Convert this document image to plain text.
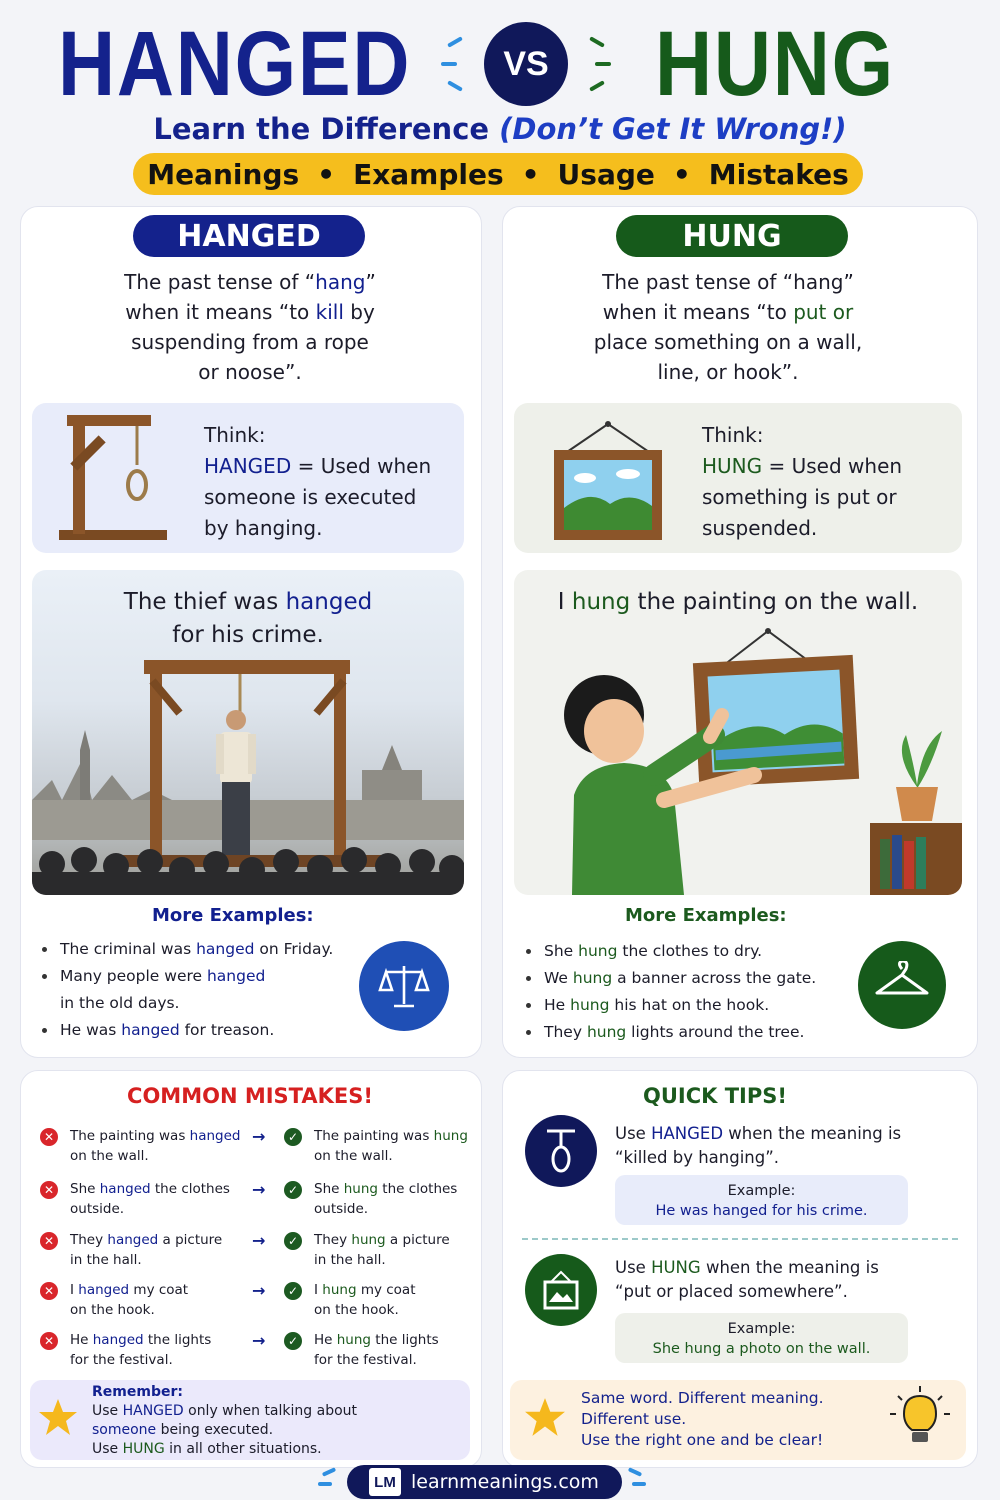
HANGED	VS HUNG
Learn the Difference (Don’t Get It Wrong!)
Meanings • Examples • Usage • Mistakes
HANGED
The past tense of “hang”
when it means “to kill by
suspending from a rope
or noose”.
Think:
HANGED = Used when
someone is executed
by hanging.
The thief was hanged
for his crime.
More Examples:
The criminal was hanged on Friday.
Many people were hanged
in the old days.
He was hanged for treason.
HUNG
The past tense of “hang”
when it means “to put or
place something on a wall,
line, or hook”.
Think:
HUNG = Used when
something is put or
suspended.
I hung the painting on the wall.
More Examples:
She hung the clothes to dry.
We hung a banner across the gate.
He hung his hat on the hook.
They hung lights around the tree.
COMMON MISTAKES!
✕ The painting was hanged
on the wall.
→	✓ The painting was hung
on the wall.
✕ She hanged the clothes
outside.
→	✓ She hung the clothes
outside.
✕ They hanged a picture
in the hall.
→	✓ They hung a picture
in the hall.
✕ I hanged my coat
on the hook.
→	✓ I hung my coat
on the hook.
✕ He hanged the lights
for the festival.
→	✓ He hung the lights
for the festival.
Remember:
Use HANGED only when talking about
someone being executed.
Use HUNG in all other situations.
QUICK TIPS!
Use HANGED when the meaning is
“killed by hanging”.
Example:
He was hanged for his crime.
Use HUNG when the meaning is
“put or placed somewhere”.
Example:
She hung a photo on the wall.
Same word. Different meaning.
Different use.
Use the right one and be clear!
LM learnmeanings.com
